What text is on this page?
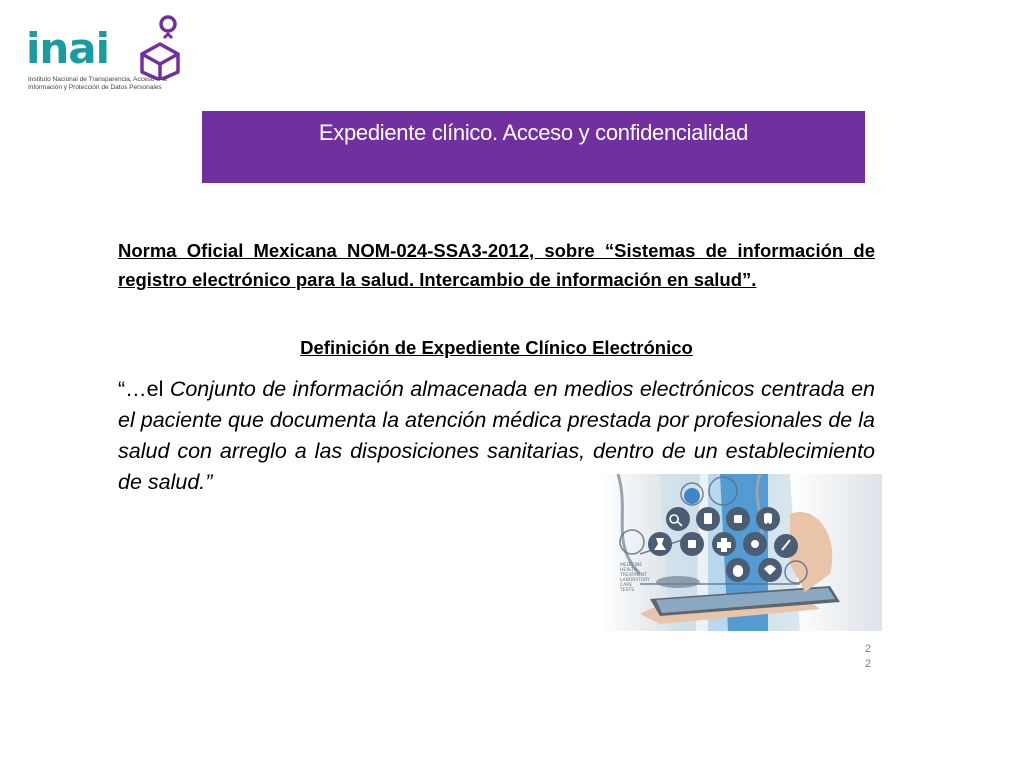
inai
Instituto Nacional de Transparencia, Acceso a la
Información y Protección de Datos Personales
Expediente clínico. Acceso y confidencialidad
Norma Oficial Mexicana NOM-024-SSA3-2012, sobre “Sistemas de información de registro electrónico para la salud. Intercambio de información en salud”.
Definición de Expediente Clínico Electrónico
“…el Conjunto de información almacenada en medios electrónicos centrada en el paciente que documenta la atención médica prestada por profesionales de la salud con arreglo a las disposiciones sanitarias, dentro de un establecimiento de salud.”
MEDICINE
HEALTH
TREATMENT
LABORATORY
CARE
TESTS
2
2
